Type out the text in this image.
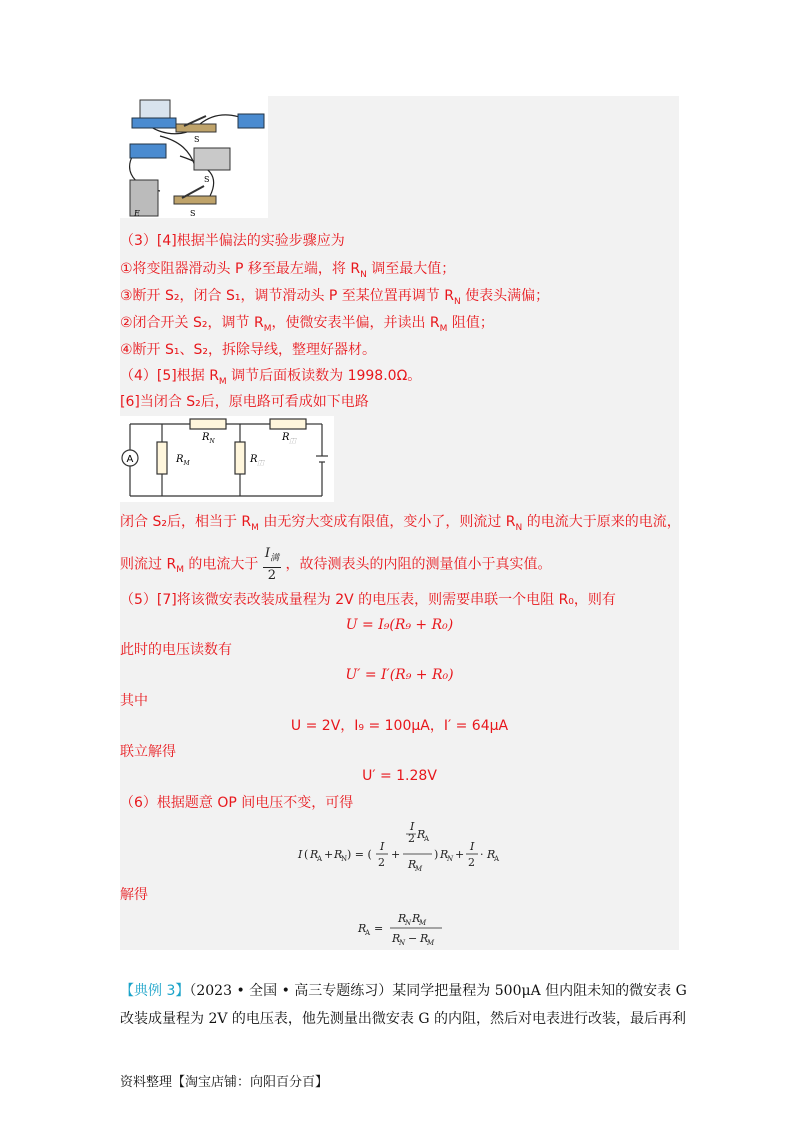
S
S
E	S
（3）[4]根据半偏法的实验步骤应为
①将变阻器滑动头 P 移至最左端，将 $R_N$ 调至最大值；
③断开 S₂，闭合 S₁，调节滑动头 P 至某位置再调节 $R_N$ 使表头满偏；
②闭合开关 S₂，调节 $R_M$，使微安表半偏，并读出 $R_M$ 阻值；
④断开 S₁、S₂，拆除导线，整理好器材。
（4）[5]根据 $R_M$ 调节后面板读数为 1998.0Ω。
[6]当闭合 S₂后，原电路可看成如下电路
A
$R_N$	$R_⿰$
$R_M$	$R_⿰$
闭合 S₂后，相当于 $R_M$ 由无穷大变成有限值，变小了，则流过 $R_N$ 的电流大于原来的电流，
则流过 $R_M$ 的电流大于 $\frac{I_满}{2}$ ，故待测表头的内阻的测量值小于真实值。
（5）[7]将该微安表改装成量程为 2V 的电压表，则需要串联一个电阻 R₀，则有
U = I₉(R₉ + R₀)
此时的电压读数有
U′ = I′(R₉ + R₀)
其中
U = 2V，I₉ = 100μA，I′ = 64μA
联立解得
U′ = 1.28V
（6）根据题意 OP 间电压不变，可得
I ( R
A + R
N ) = (
I
2
+
I
2 R
A
R
M
) R
N +
I
2
· R
A
解得
R
A =
R
N R
M
R
N − R
M
【典例 3】（2023 • 全国 • 高三专题练习）某同学把量程为 500μA 但内阻未知的微安表 G
改装成量程为 2V 的电压表，他先测量出微安表 G 的内阻，然后对电表进行改装，最后再利
资料整理【淘宝店铺：向阳百分百】
